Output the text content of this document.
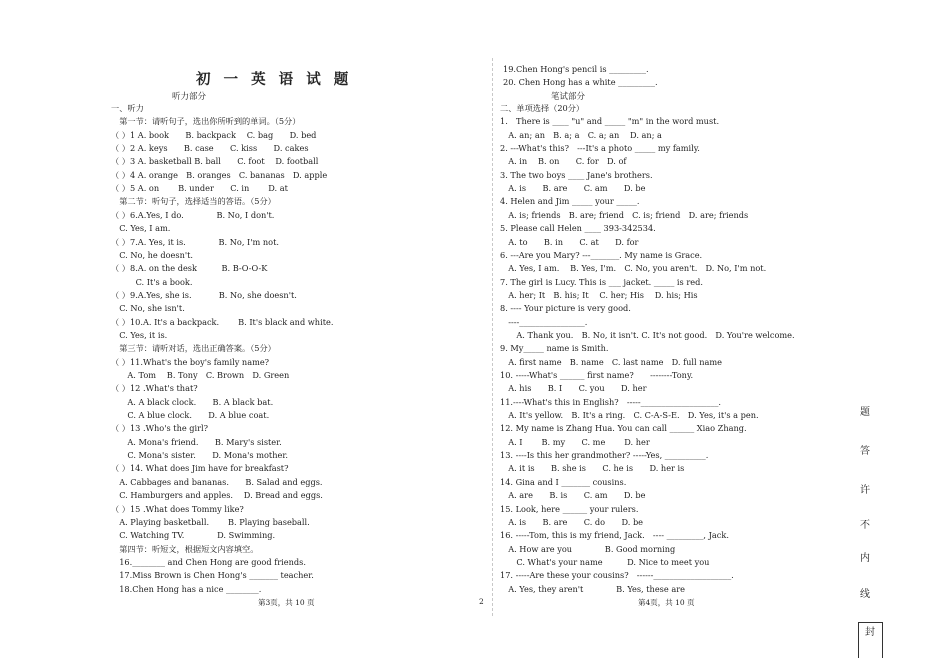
初 一 英 语 试 题
听力部分
一、听力
　第一节：请听句子，选出你所听到的单词。（5分）
（ ）1 A. book　　B. backpack　 C. bag　　D. bed
（ ）2 A. keys　　B. case　　C. kiss　　D. cakes
（ ）3 A. basketball B. ball　　C. foot　 D. football
（ ）4 A. orange　B. oranges　C. bananas　D. apple
（ ）5 A. on　　 B. under　　C. in　　 D. at
　第二节：听句子，选择适当的答语。（5分）
（ ）6.A.Yes, I do.　　　　B. No, I don't.
　C. Yes, I am.
（ ）7.A. Yes, it is.　　　　B. No, I'm not.
　C. No, he doesn't.
（ ）8.A. on the desk　　　B. B-O-O-K
　　　C. It's a book.
（ ）9.A.Yes, she is.　　　 B. No, she doesn't.
　C. No, she isn't.
（ ）10.A. It's a backpack.　　 B. It's black and white.
　C. Yes, it is.
　第三节：请听对话，选出正确答案。（5分）
（ ）11.What's the boy's family name?
　　A. Tom　 B. Tony　C. Brown　D. Green
（ ）12 .What's that?
　　A. A black clock.　　B. A black bat.
　　C. A blue clock.　　D. A blue coat.
（ ）13 .Who's the girl?
　　A. Mona's friend.　　B. Mary's sister.
　　C. Mona's sister.　　D. Mona's mother.
（ ）14. What does Jim have for breakfast?
　A. Cabbages and bananas.　　B. Salad and eggs.
　C. Hamburgers and apples.　 D. Bread and eggs.
（ ）15 .What does Tommy like?
　A. Playing basketball.　　 B. Playing baseball.
　C. Watching TV.　　　　D. Swimming.
　第四节：听短文，根据短文内容填空。
　16.________ and Chen Hong are good friends.
　17.Miss Brown is Chen Hong's _______ teacher.
　18.Chen Hong has a nice ________.
第3页，共 10 页	2
19.Chen Hong's pencil is _________.
20. Chen Hong has a white _________.
笔试部分
二、单项选择（20分）
1.　There is ____ "u" and _____ "m" in the word must.
　A. an; an　B. a; a　C. a; an　 D. an; a
2. ---What's this?　---It's a photo _____ my family.
　A. in　 B. on　　C. for　D. of
3. The two boys ____ Jane's brothers.
　A. is　　B. are　　C. am　　D. be
4. Helen and Jim _____ your _____.
　A. is; friends　B. are; friend　C. is; friend　D. are; friends
5. Please call Helen ____ 393-342534.
　A. to　　B. in　　C. at　　D. for
6. ---Are you Mary? ---_______. My name is Grace.
　A. Yes, I am.　 B. Yes, I'm.　C. No, you aren't.　D. No, I'm not.
7. The girl is Lucy. This is ___ jacket. _____ is red.
　A. her; It　B. his; It　 C. her; His　 D. his; His
8. ---- Your picture is very good.
　----________________.
　　A. Thank you.　B. No, it isn't. C. It's not good.　D. You're welcome.
9. My_____ name is Smith.
　A. first name　B. name　C. last name　D. full name
10. -----What's ______ first name?　　--------Tony.
　A. his　　B. I　　C. you　　D. her
11.----What's this in English?　-----___________________.
　A. It's yellow.　B. It's a ring.　C. C-A-S-E.　D. Yes, it's a pen.
12. My name is Zhang Hua. You can call ______ Xiao Zhang.
　A. I　　 B. my　　C. me　　 D. her
13. ----Is this her grandmother? -----Yes, __________.
　A. it is　　B. she is　　C. he is　　D. her is
14. Gina and I _______ cousins.
　A. are　　B. is　　C. am　　D. be
15. Look, here ______ your rulers.
　A. is　　B. are　　C. do　　D. be
16. -----Tom, this is my friend, Jack.　---- _________, Jack.
　A. How are you　　　　B. Good morning
　　C. What's your name　　　D. Nice to meet you
17. -----Are these your cousins?　------___________________.
　A. Yes, they aren't　　　　B. Yes, these are
第4页，共 10 页
题
答
许
不
内
线
封
